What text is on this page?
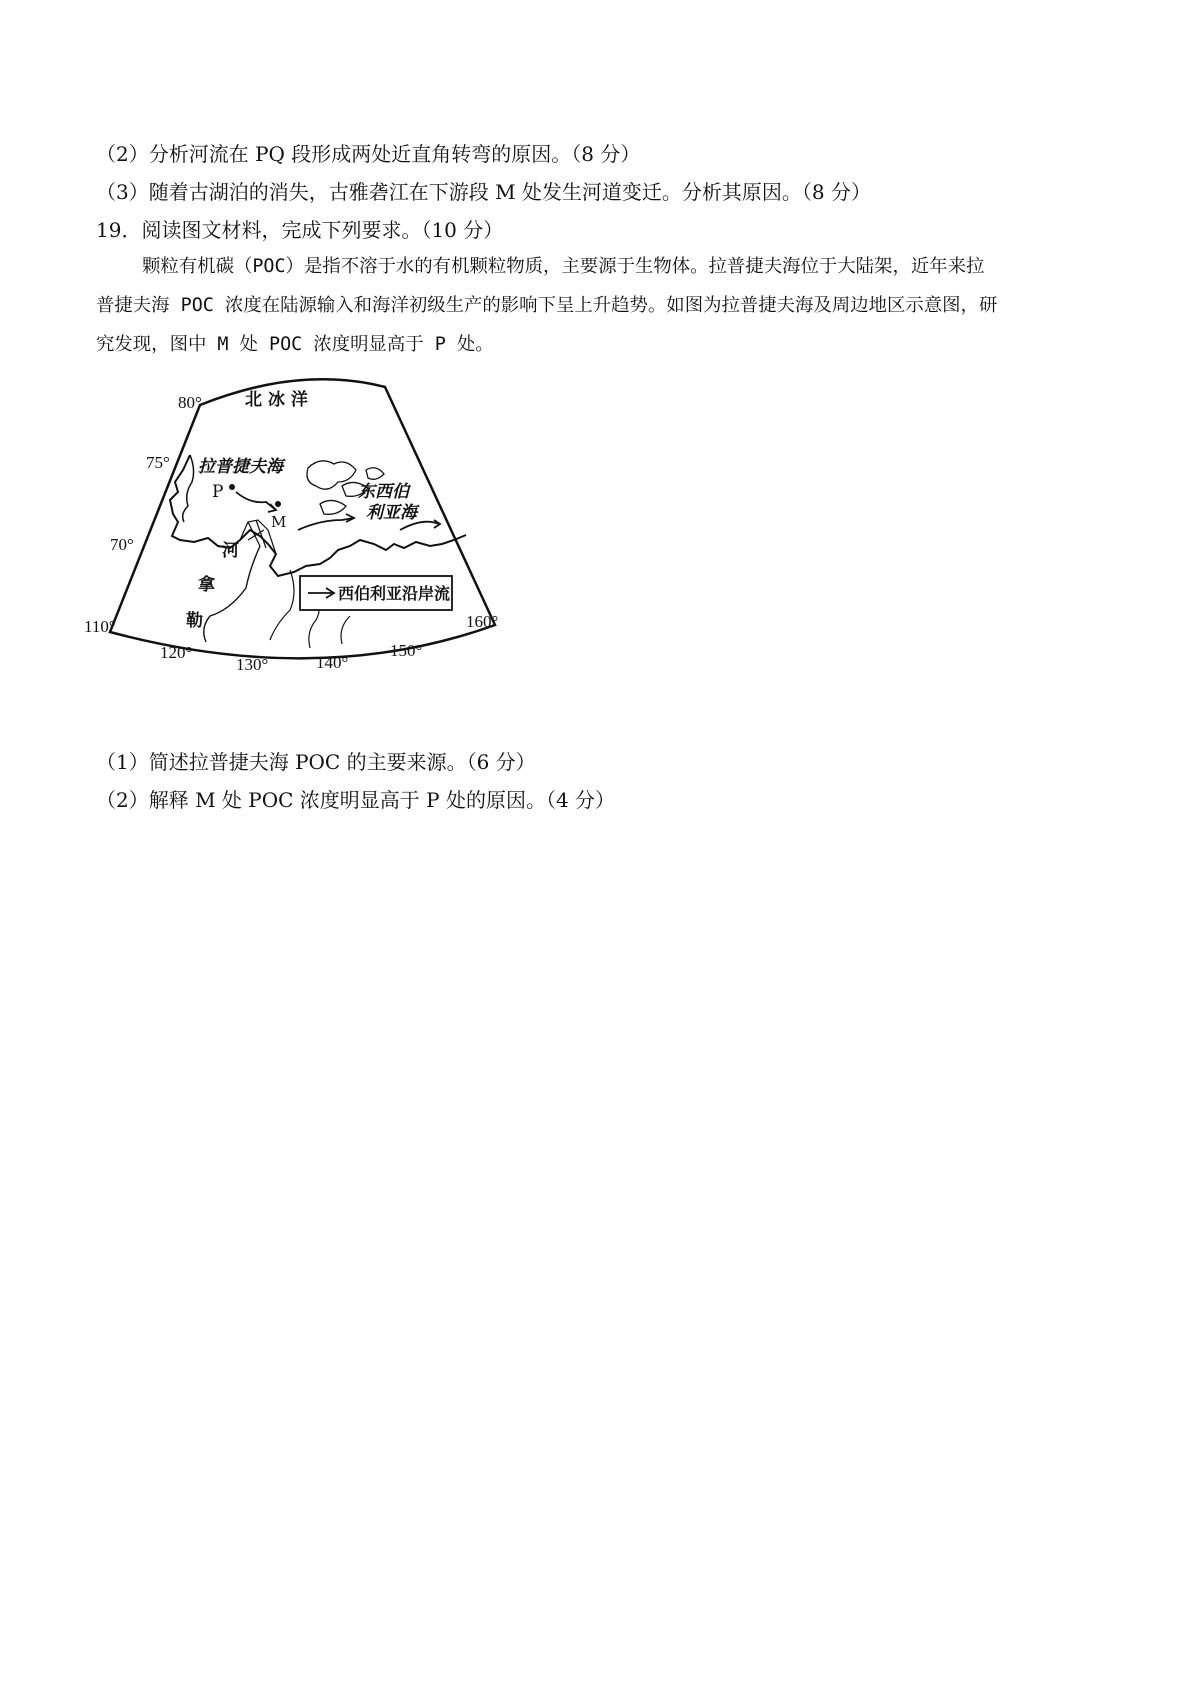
（2）分析河流在 PQ 段形成两处近直角转弯的原因。（8 分）
（3）随着古湖泊的消失，古雅砻江在下游段 M 处发生河道变迁。分析其原因。（8 分）
19．阅读图文材料，完成下列要求。（10 分）
颗粒有机碳（POC）是指不溶于水的有机颗粒物质，主要源于生物体。拉普捷夫海位于大陆架，近年来拉
普捷夫海 POC 浓度在陆源输入和海洋初级生产的影响下呈上升趋势。如图为拉普捷夫海及周边地区示意图，研
究发现，图中 M 处 POC 浓度明显高于 P 处。
P
M
北 冰 洋
拉普捷夫海
东西伯
利亚海
河
拿
勒
西伯利亚沿岸流
80°
75°
70°
110°
120°
130°	140°
150°
160°
（1）简述拉普捷夫海 POC 的主要来源。（6 分）
（2）解释 M 处 POC 浓度明显高于 P 处的原因。（4 分）
